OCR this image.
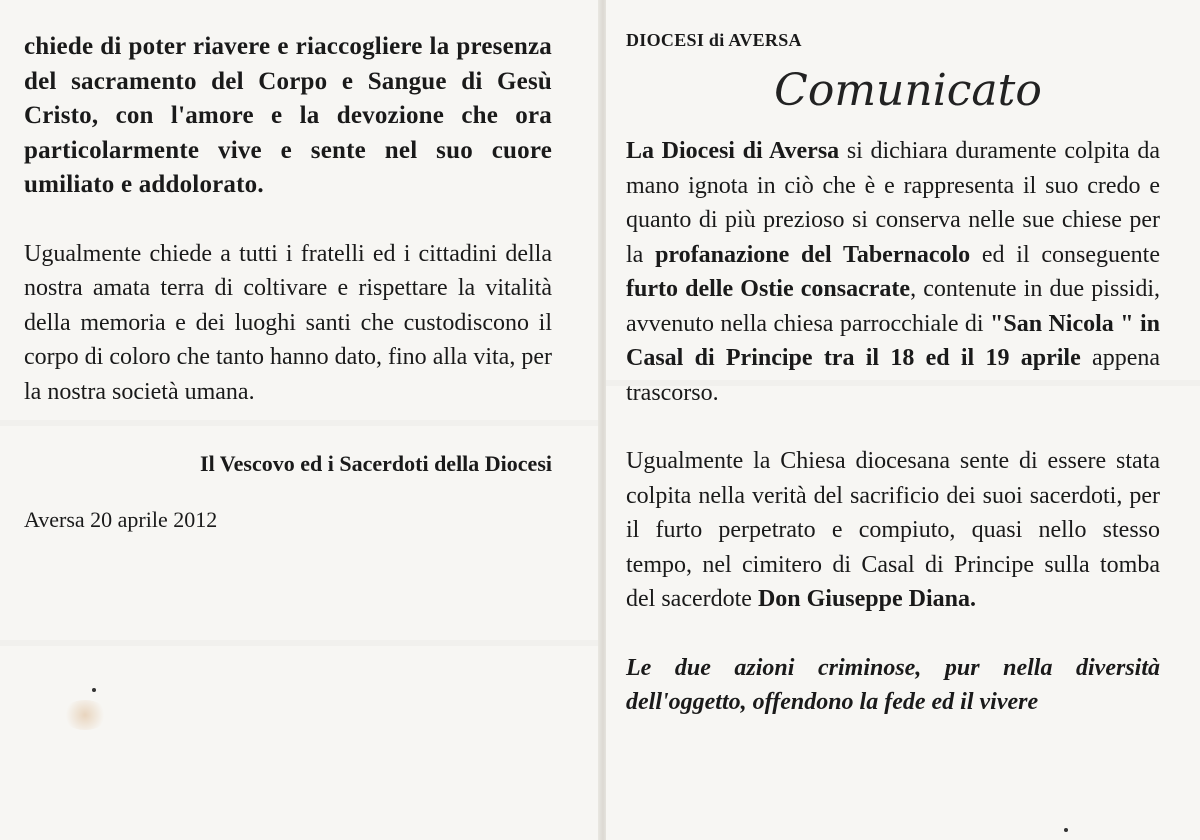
chiede di poter riavere e riaccogliere la presenza del sacramento del Corpo e Sangue di Gesù Cristo, con l'amore e la devozione che ora particolarmente vive e sente nel suo cuore umiliato e addolorato.

Ugualmente chiede a tutti i fratelli ed i cittadini della nostra amata terra di coltivare e rispettare la vitalità della memoria e dei luoghi santi che custodiscono il corpo di coloro che tanto hanno dato, fino alla vita, per la nostra società umana.

Il Vescovo ed i Sacerdoti della Diocesi
Aversa 20 aprile 2012
DIOCESI di AVERSA
Comunicato

La Diocesi di Aversa si dichiara duramente colpita da mano ignota in ciò che è e rappresenta il suo credo e quanto di più prezioso si conserva nelle sue chiese per la profanazione del Tabernacolo ed il conseguente furto delle Ostie consacrate, contenute in due pissidi, avvenuto nella chiesa parrocchiale di "San Nicola " in Casal di Principe tra il 18 ed il 19 aprile appena trascorso.

Ugualmente la Chiesa diocesana sente di essere stata colpita nella verità del sacrificio dei suoi sacerdoti, per il furto perpetrato e compiuto, quasi nello stesso tempo, nel cimitero di Casal di Principe sulla tomba del sacerdote Don Giuseppe Diana.

Le due azioni criminose, pur nella diversità dell'oggetto, offendono la fede ed il vivere
